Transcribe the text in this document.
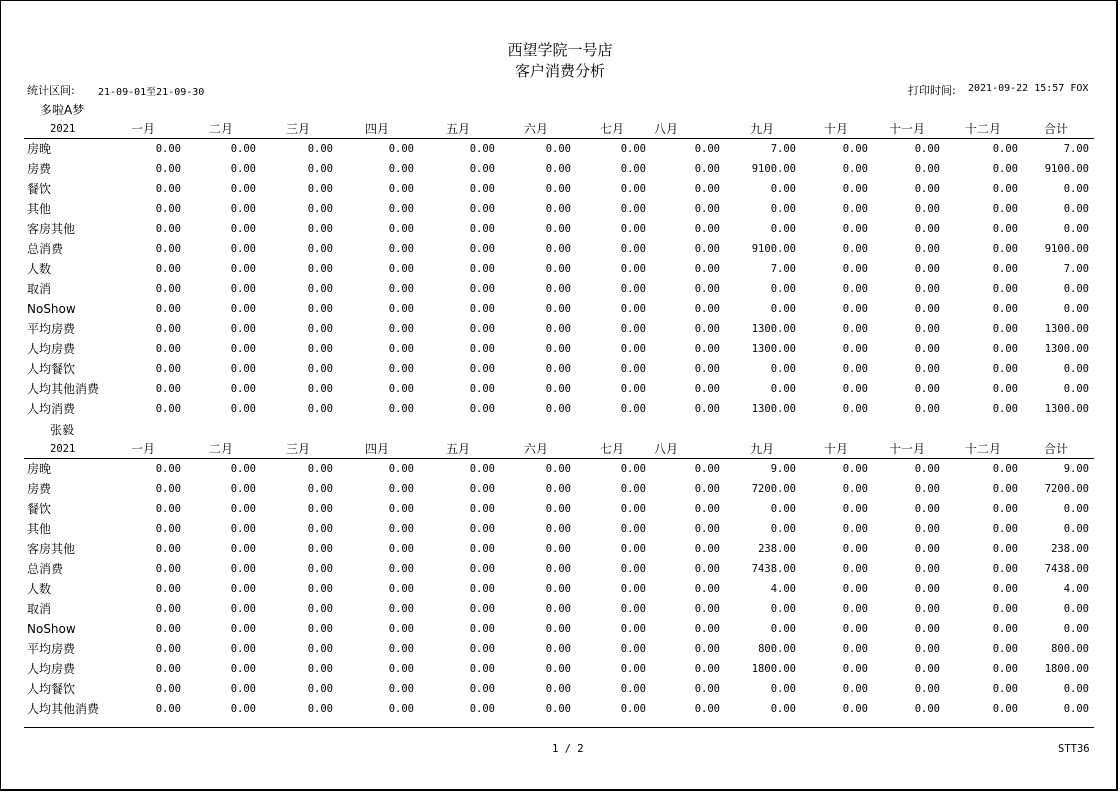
西望学院一号店
客户消费分析
统计区间: 21-09-01至21-09-30	打印时间: 2021-09-22 15:57 FOX
多啦A梦
2021	一月	二月	三月	四月	五月	六月	七月	八月	九月	十月	十一月	十二月	合计
房晚	0.00	0.00	0.00	0.00	0.00	0.00	0.00	0.00	7.00	0.00	0.00	0.00	7.00
房费	0.00	0.00	0.00	0.00	0.00	0.00	0.00	0.00	9100.00	0.00	0.00	0.00	9100.00
餐饮	0.00	0.00	0.00	0.00	0.00	0.00	0.00	0.00	0.00	0.00	0.00	0.00	0.00
其他	0.00	0.00	0.00	0.00	0.00	0.00	0.00	0.00	0.00	0.00	0.00	0.00	0.00
客房其他	0.00	0.00	0.00	0.00	0.00	0.00	0.00	0.00	0.00	0.00	0.00	0.00	0.00
总消费	0.00	0.00	0.00	0.00	0.00	0.00	0.00	0.00	9100.00	0.00	0.00	0.00	9100.00
人数	0.00	0.00	0.00	0.00	0.00	0.00	0.00	0.00	7.00	0.00	0.00	0.00	7.00
取消	0.00	0.00	0.00	0.00	0.00	0.00	0.00	0.00	0.00	0.00	0.00	0.00	0.00
NoShow	0.00	0.00	0.00	0.00	0.00	0.00	0.00	0.00	0.00	0.00	0.00	0.00	0.00
平均房费	0.00	0.00	0.00	0.00	0.00	0.00	0.00	0.00	1300.00	0.00	0.00	0.00	1300.00
人均房费	0.00	0.00	0.00	0.00	0.00	0.00	0.00	0.00	1300.00	0.00	0.00	0.00	1300.00
人均餐饮	0.00	0.00	0.00	0.00	0.00	0.00	0.00	0.00	0.00	0.00	0.00	0.00	0.00
人均其他消费	0.00	0.00	0.00	0.00	0.00	0.00	0.00	0.00	0.00	0.00	0.00	0.00	0.00
人均消费	0.00	0.00	0.00	0.00	0.00	0.00	0.00	0.00	1300.00	0.00	0.00	0.00	1300.00
张毅
2021	一月	二月	三月	四月	五月	六月	七月	八月	九月	十月	十一月	十二月	合计
房晚	0.00	0.00	0.00	0.00	0.00	0.00	0.00	0.00	9.00	0.00	0.00	0.00	9.00
房费	0.00	0.00	0.00	0.00	0.00	0.00	0.00	0.00	7200.00	0.00	0.00	0.00	7200.00
餐饮	0.00	0.00	0.00	0.00	0.00	0.00	0.00	0.00	0.00	0.00	0.00	0.00	0.00
其他	0.00	0.00	0.00	0.00	0.00	0.00	0.00	0.00	0.00	0.00	0.00	0.00	0.00
客房其他	0.00	0.00	0.00	0.00	0.00	0.00	0.00	0.00	238.00	0.00	0.00	0.00	238.00
总消费	0.00	0.00	0.00	0.00	0.00	0.00	0.00	0.00	7438.00	0.00	0.00	0.00	7438.00
人数	0.00	0.00	0.00	0.00	0.00	0.00	0.00	0.00	4.00	0.00	0.00	0.00	4.00
取消	0.00	0.00	0.00	0.00	0.00	0.00	0.00	0.00	0.00	0.00	0.00	0.00	0.00
NoShow	0.00	0.00	0.00	0.00	0.00	0.00	0.00	0.00	0.00	0.00	0.00	0.00	0.00
平均房费	0.00	0.00	0.00	0.00	0.00	0.00	0.00	0.00	800.00	0.00	0.00	0.00	800.00
人均房费	0.00	0.00	0.00	0.00	0.00	0.00	0.00	0.00	1800.00	0.00	0.00	0.00	1800.00
人均餐饮	0.00	0.00	0.00	0.00	0.00	0.00	0.00	0.00	0.00	0.00	0.00	0.00	0.00
人均其他消费	0.00	0.00	0.00	0.00	0.00	0.00	0.00	0.00	0.00	0.00	0.00	0.00	0.00
1 / 2	STT36
